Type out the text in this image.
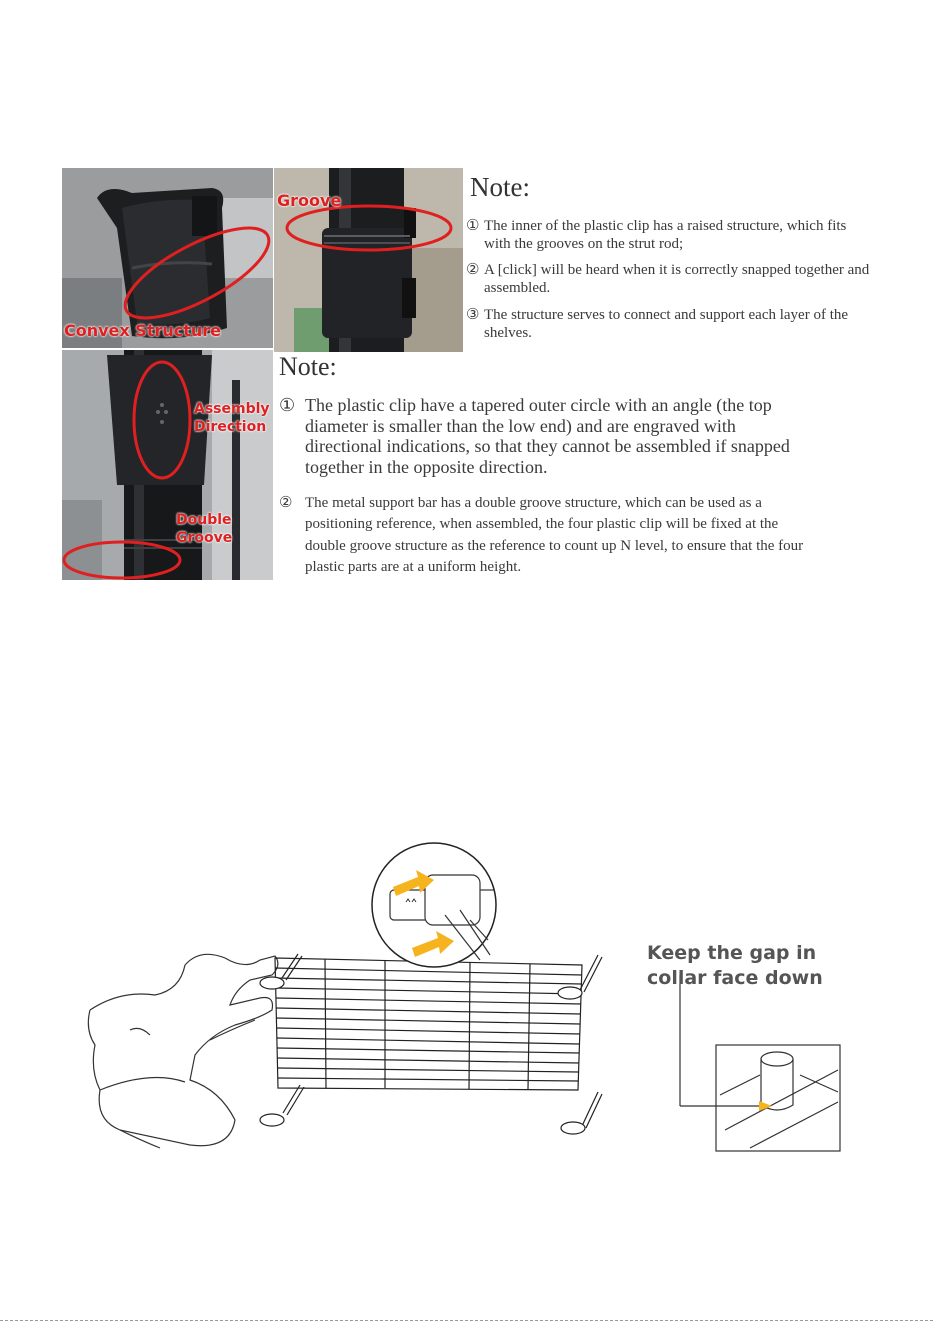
Convex Structure
Groove
Assembly Direction
Double Groove
Note:
① The inner of the plastic clip has a raised structure, which fits with the grooves on the strut rod;
② A [click] will be heard when it is correctly snapped together and assembled.
③ The structure serves to connect and support each layer of the shelves.
Note:
① The plastic clip have a tapered outer circle with an angle (the top diameter is smaller than the low end) and are engraved with directional indications, so that they cannot be assembled if snapped together in the opposite direction.
② The metal support bar has a double groove structure, which can be used as a positioning reference, when assembled, the four plastic clip will be fixed at the double groove structure as the reference to count up N level, to ensure that the four plastic parts are at a uniform height.
Keep the gap in collar face down
